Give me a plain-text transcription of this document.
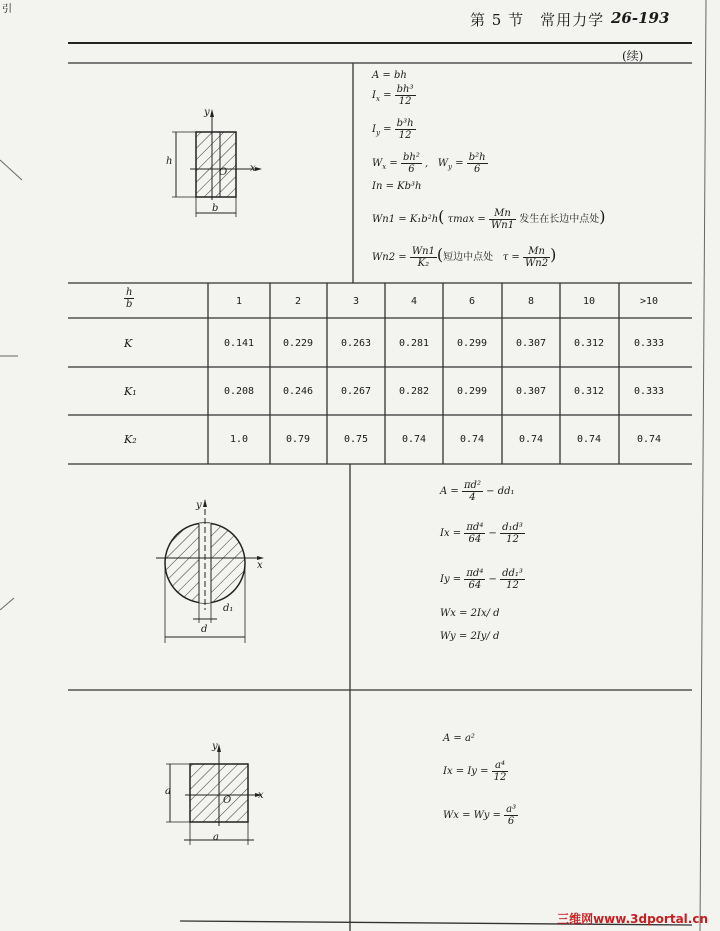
引
第 5 节　常用力学 26-193
(续)
y
x
O
h
b
A = bh
$I_x = \frac{\text{bh³}}{12}$
$I_y = \frac{\text{b³h}}{12}$
$W_x = \frac{\text{bh²}}{6}$ ,   $W_y = \frac{\text{b²h}}{6}$
In = Kb³h
Wn1 = K₁b²h( $\tau\max = \frac{Mn}{Wn1}$ 发生在长边中点处)
$Wn2 = \frac{Wn1}{\text{K₂}}$ (短边中点处 $\tau = \frac{Mn}{Wn2}$ )
$\frac{h}{b}$	1	2	3	4	6	8	10	>10
K	0.141	0.229	0.263	0.281	0.299	0.307	0.312	0.333
K₁	0.208	0.246	0.267	0.282	0.299	0.307	0.312	0.333
K₂	1.0	0.79	0.75	0.74	0.74	0.74	0.74	0.74
y
x
d₁
d
$A = \frac{\text{πd²}}{4} - dd_1$
$Ix = \frac{\text{πd⁴}}{64} - \frac{\text{d₁d³}}{12}$
$Iy = \frac{\text{πd⁴}}{64} - \frac{\text{dd₁³}}{12}$
Wx = 2Ix/ d
Wy = 2Iy/ d
y
x
O
a
a
A = a²
$Ix = Iy = \frac{\text{a⁴}}{12}$
$Wx = Wy = \frac{\text{a³}}{6}$
三维网www.3dportal.cn
